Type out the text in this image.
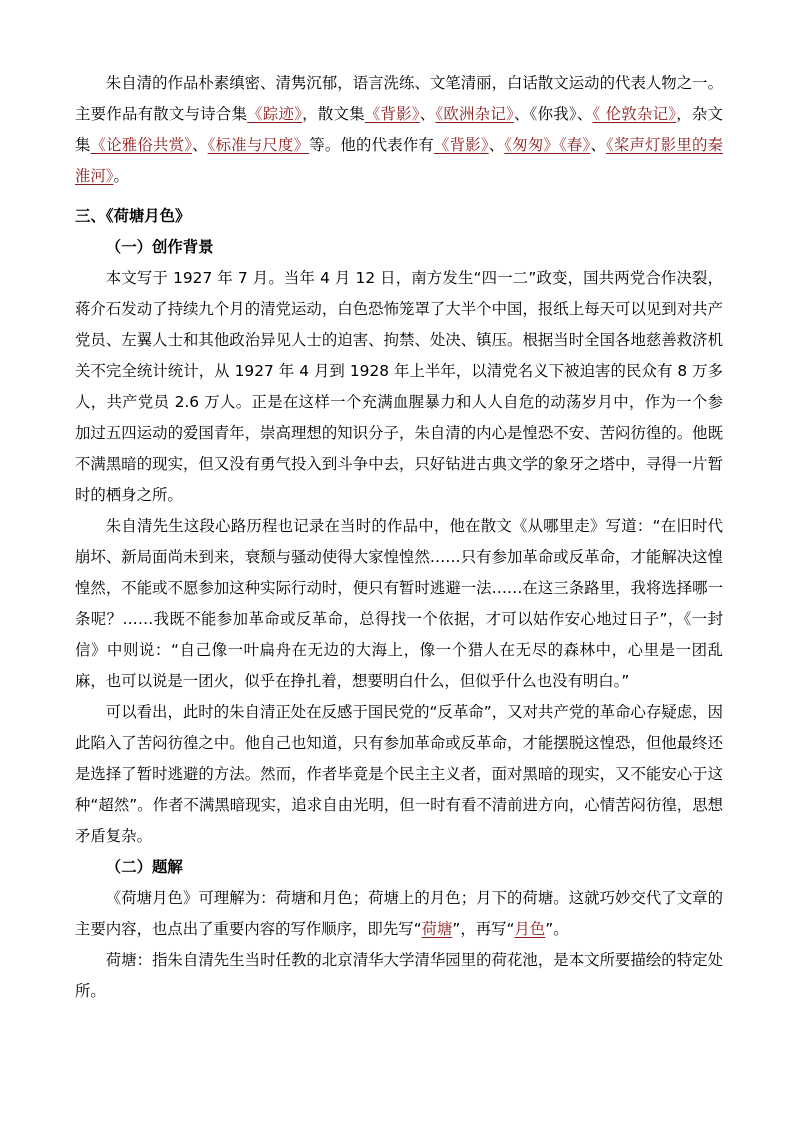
朱自清的作品朴素缜密、清隽沉郁，语言洗练、文笔清丽，白话散文运动的代表人物之一。主要作品有散文与诗合集《踪迹》，散文集《背影》、《欧洲杂记》、《你我》、《 伦敦杂记》，杂文集《论雅俗共赏》、《标准与尺度》等。他的代表作有《背影》、《匆匆》《春》、《桨声灯影里的秦淮河》。

三、《荷塘月色》
（一）创作背景

本文写于 1927 年 7 月。当年 4 月 12 日，南方发生“四一二”政变，国共两党合作决裂，蒋介石发动了持续九个月的清党运动，白色恐怖笼罩了大半个中国，报纸上每天可以见到对共产党员、左翼人士和其他政治异见人士的迫害、拘禁、处决、镇压。根据当时全国各地慈善救济机关不完全统计统计，从 1927 年 4 月到 1928 年上半年，以清党名义下被迫害的民众有 8 万多人，共产党员 2.6 万人。正是在这样一个充满血腥暴力和人人自危的动荡岁月中，作为一个参加过五四运动的爱国青年，崇高理想的知识分子，朱自清的内心是惶恐不安、苦闷彷徨的。他既不满黑暗的现实，但又没有勇气投入到斗争中去，只好钻进古典文学的象牙之塔中，寻得一片暂时的栖身之所。

朱自清先生这段心路历程也记录在当时的作品中，他在散文《从哪里走》写道：“在旧时代崩坏、新局面尚未到来，衰颓与骚动使得大家惶惶然……只有参加革命或反革命，才能解决这惶惶然，不能或不愿参加这种实际行动时，便只有暂时逃避一法……在这三条路里，我将选择哪一条呢？……我既不能参加革命或反革命，总得找一个依据，才可以姑作安心地过日子”，《一封信》中则说：“自己像一叶扁舟在无边的大海上，像一个猎人在无尽的森林中，心里是一团乱麻，也可以说是一团火，似乎在挣扎着，想要明白什么，但似乎什么也没有明白。”

可以看出，此时的朱自清正处在反感于国民党的“反革命”，又对共产党的革命心存疑虑，因此陷入了苦闷彷徨之中。他自己也知道，只有参加革命或反革命，才能摆脱这惶恐，但他最终还是选择了暂时逃避的方法。然而，作者毕竟是个民主主义者，面对黑暗的现实，又不能安心于这种“超然”。作者不满黑暗现实，追求自由光明，但一时有看不清前进方向，心情苦闷彷徨，思想矛盾复杂。

（二）题解

《荷塘月色》可理解为：荷塘和月色；荷塘上的月色；月下的荷塘。这就巧妙交代了文章的主要内容，也点出了重要内容的写作顺序，即先写“荷塘”，再写“月色”。

荷塘：指朱自清先生当时任教的北京清华大学清华园里的荷花池，是本文所要描绘的特定处所。
